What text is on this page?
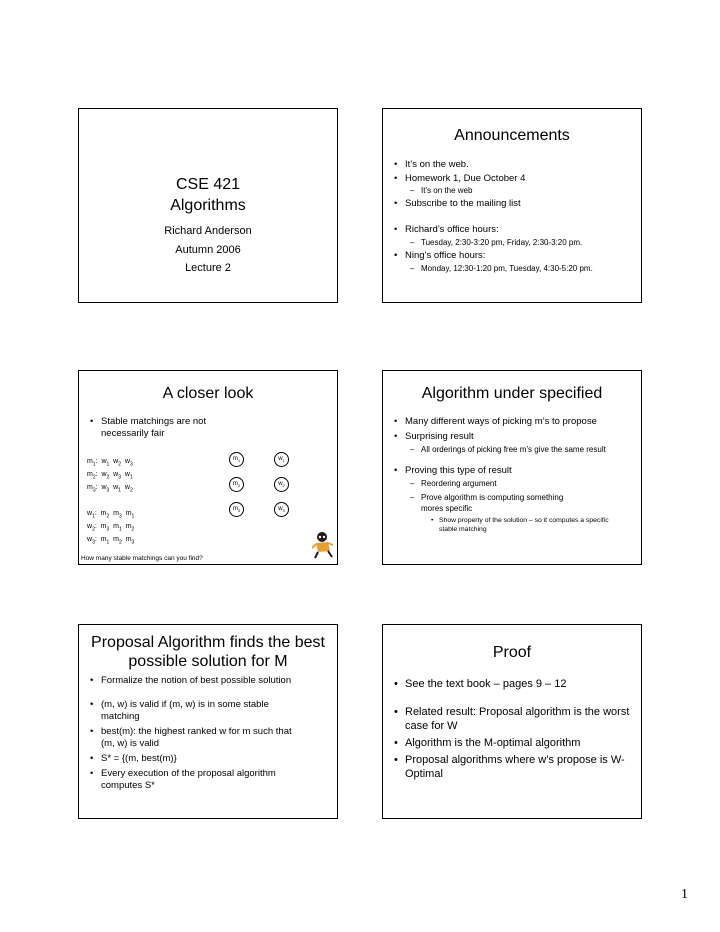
CSE 421
Algorithms
Richard Anderson
Autumn 2006
Lecture 2
Announcements
• It’s on the web.
• Homework 1, Due October 4
– It’s on the web
• Subscribe to the mailing list
• Richard’s office hours:
– Tuesday, 2:30-3:20 pm, Friday, 2:30-3:20 pm.
• Ning’s office hours:
– Monday, 12:30-1:20 pm, Tuesday, 4:30-5:20 pm.
A closer look
• Stable matchings are not necessarily fair
$m_1$:  $w_1$  $w_2$  $w_3$
$m_2$:  $w_2$  $w_3$  $w_1$
$m_3$:  $w_3$  $w_1$  $w_2$
$w_1$:  $m_2$  $m_3$  $m_1$
$w_2$:  $m_3$  $m_1$  $m_2$
$w_3$:  $m_1$  $m_2$  $m_3$
$m_1$
$m_2$
$m_3$
$w_1$
$w_2$
$w_3$
How many stable matchings can you find?
Algorithm under specified
• Many different ways of picking m’s to propose
• Surprising result
– All orderings of picking free m’s give the same result
• Proving this type of result
– Reordering argument
– Prove algorithm is computing something mores specific
• Show property of the solution – so it computes a specific stable matching
Proposal Algorithm finds the best
possible solution for M
• Formalize the notion of best possible solution
• (m, w) is valid if (m, w) is in some stable matching
• best(m): the highest ranked w for m such that (m, w) is valid
• S* = {(m, best(m)}
• Every execution of the proposal algorithm computes S*
Proof
• See the text book – pages 9 – 12
• Related result: Proposal algorithm is the worst case for W
• Algorithm is the M-optimal algorithm
• Proposal algorithms where w’s propose is W-Optimal
1
